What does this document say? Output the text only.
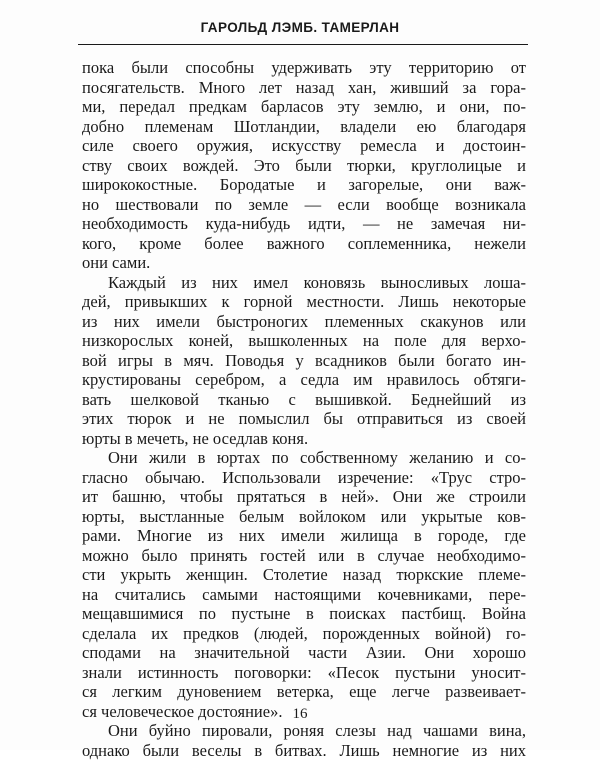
ГАРОЛЬД ЛЭМБ. ТАМЕРЛАН
пока были способны удерживать эту территорию от
посягательств. Много лет назад хан, живший за гора-
ми, передал предкам барласов эту землю, и они, по-
добно племенам Шотландии, владели ею благодаря
силе своего оружия, искусству ремесла и достоин-
ству своих вождей. Это были тюрки, круглолицые и
ширококостные. Бородатые и загорелые, они важ-
но шествовали по земле — если вообще возникала
необходимость куда-нибудь идти, — не замечая ни-
кого, кроме более важного соплеменника, нежели
они сами.
Каждый из них имел коновязь выносливых лоша-
дей, привыкших к горной местности. Лишь некоторые
из них имели быстроногих племенных скакунов или
низкорослых коней, вышколенных на поле для верхо-
вой игры в мяч. Поводья у всадников были богато ин-
крустированы серебром, а седла им нравилось обтяги-
вать шелковой тканью с вышивкой. Беднейший из
этих тюрок и не помыслил бы отправиться из своей
юрты в мечеть, не оседлав коня.
Они жили в юртах по собственному желанию и со-
гласно обычаю. Использовали изречение: «Трус стро-
ит башню, чтобы прятаться в ней». Они же строили
юрты, выстланные белым войлоком или укрытые ков-
рами. Многие из них имели жилища в городе, где
можно было принять гостей или в случае необходимо-
сти укрыть женщин. Столетие назад тюркские племе-
на считались самыми настоящими кочевниками, пере-
мещавшимися по пустыне в поисках пастбищ. Война
сделала их предков (людей, порожденных войной) го-
сподами на значительной части Азии. Они хорошо
знали истинность поговорки: «Песок пустыни уносит-
ся легким дуновением ветерка, еще легче развеивает-
ся человеческое достояние».
Они буйно пировали, роняя слезы над чашами вина,
однако были веселы в битвах. Лишь немногие из них
16
